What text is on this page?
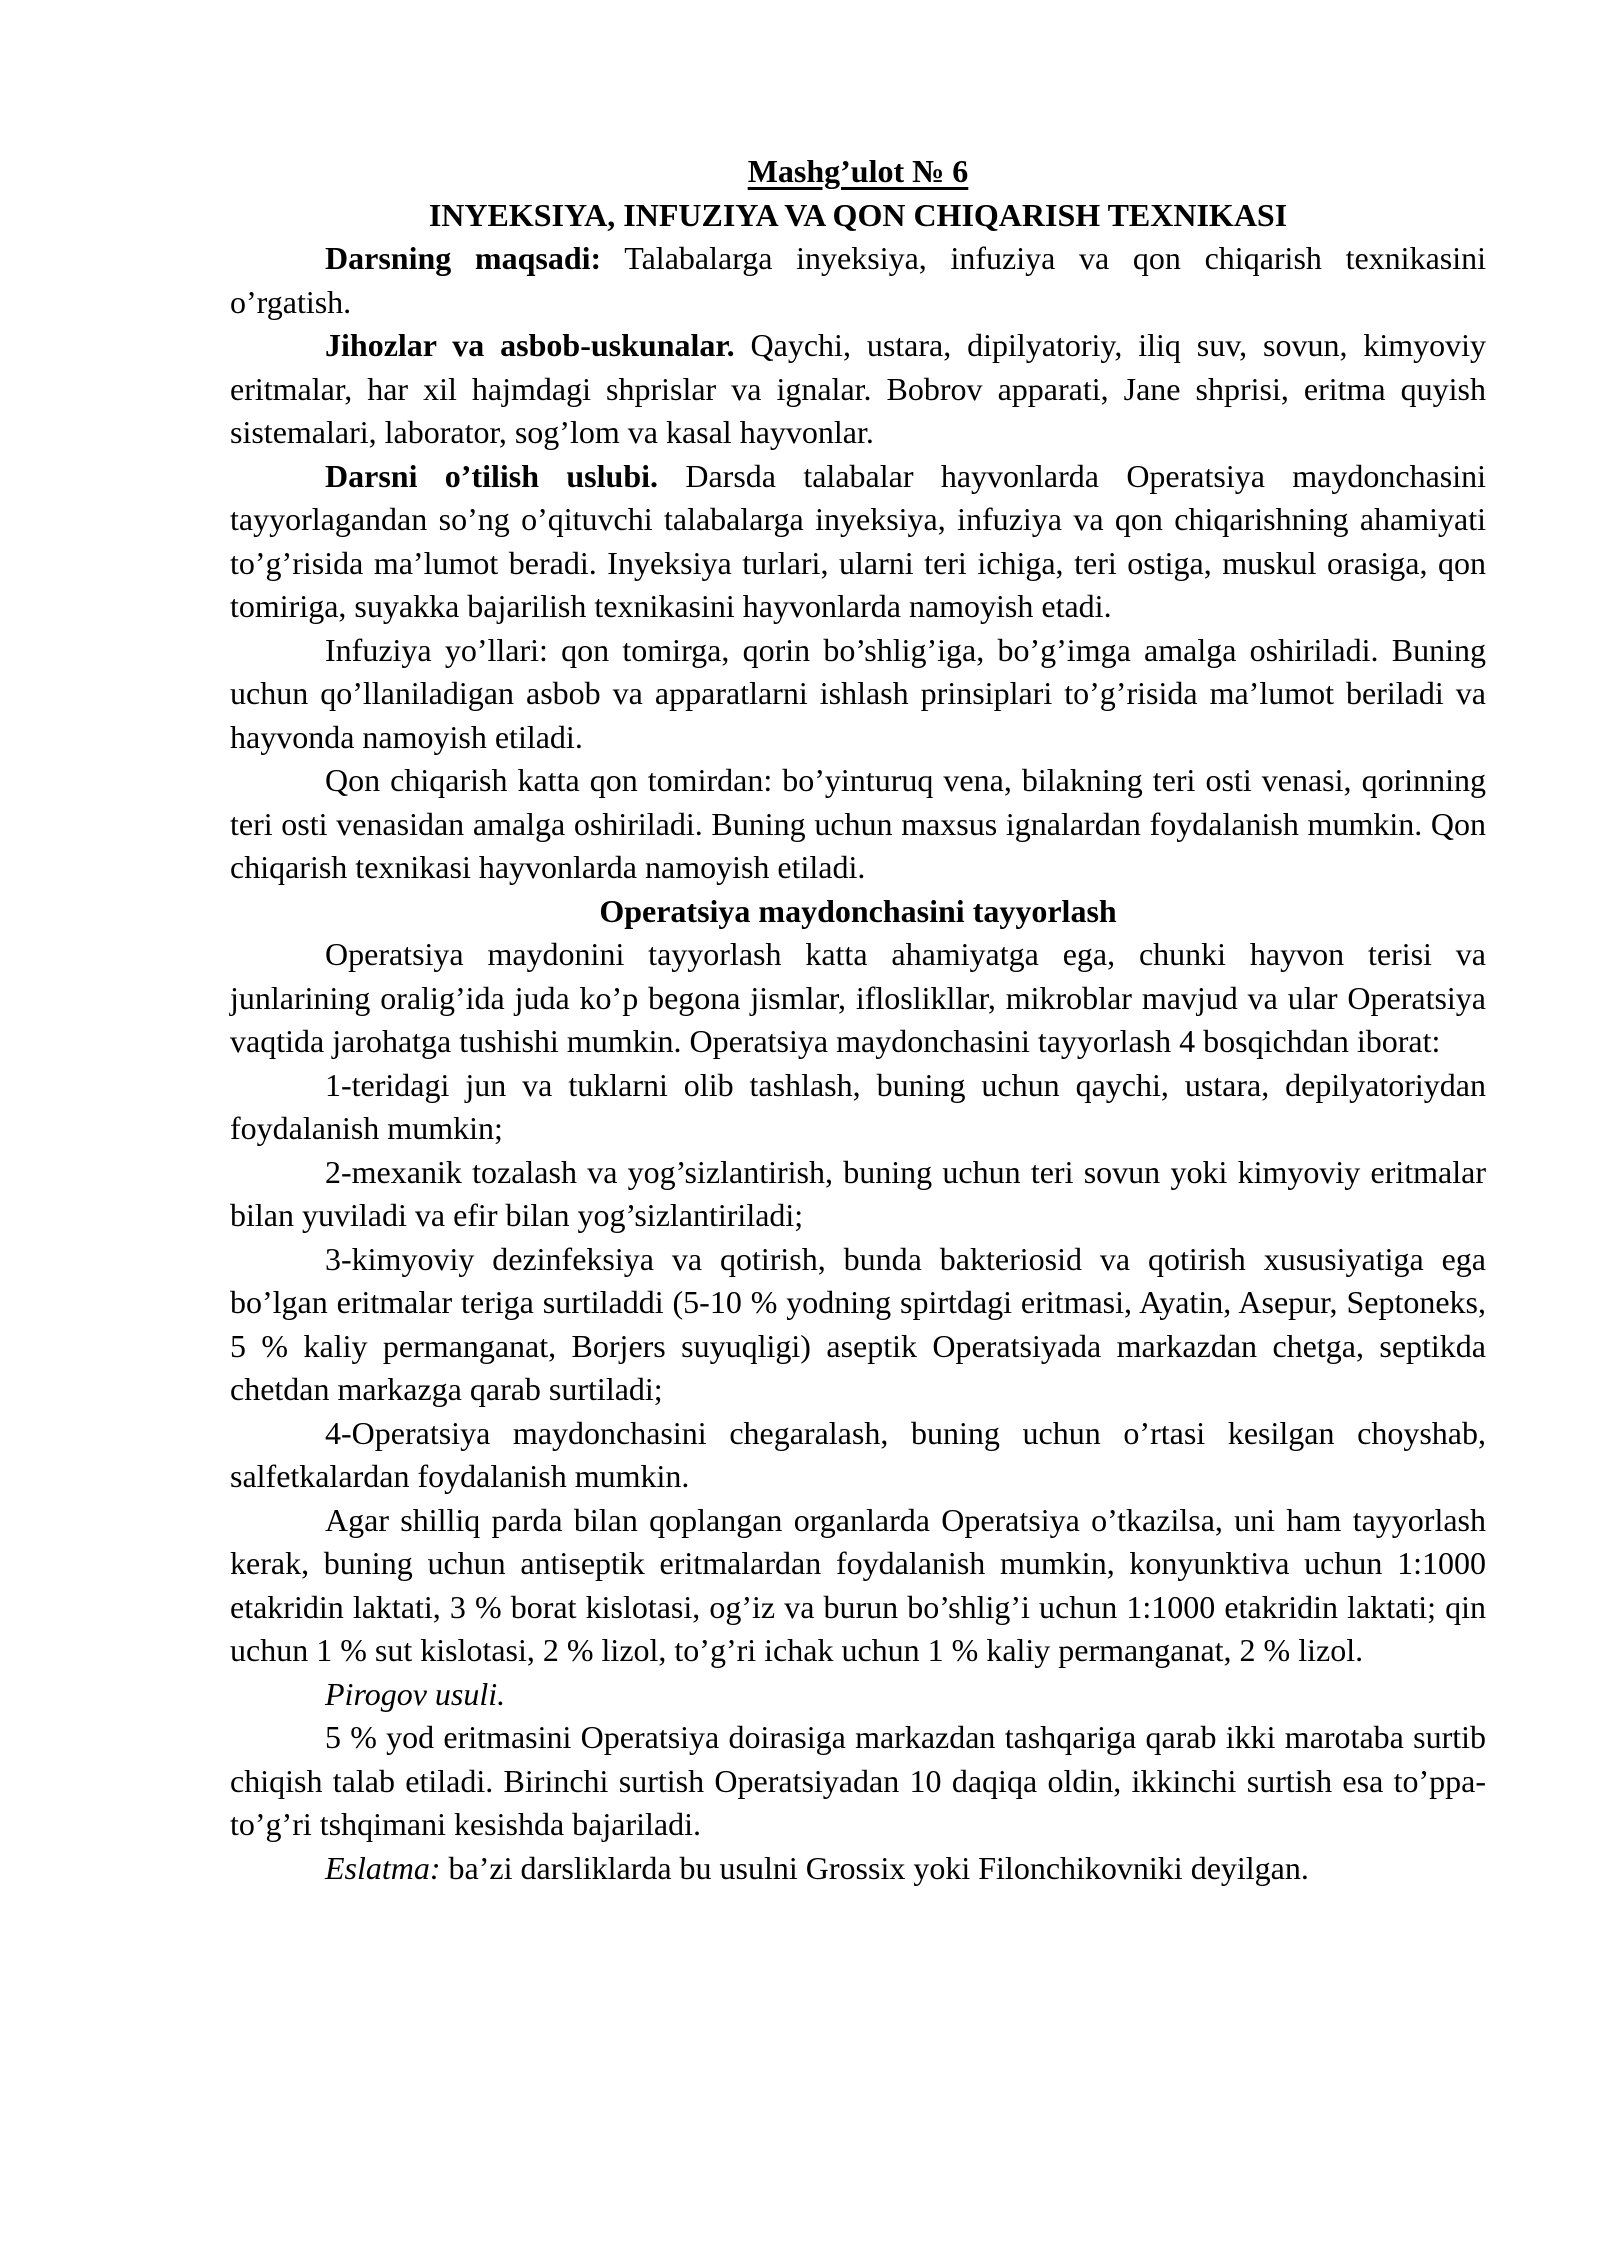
Mashg’ulot № 6
INYEKSIYA, INFUZIYA VA QON CHIQARISH TEXNIKASI

Darsning maqsadi: Talabalarga inyeksiya, infuziya va qon chiqarish texnikasini o’rgatish.

Jihozlar va asbob-uskunalar. Qaychi, ustara, dipilyatoriy, iliq suv, sovun, kimyoviy eritmalar, har xil hajmdagi shprislar va ignalar. Bobrov apparati, Jane shprisi, eritma quyish sistemalari, laborator, sog’lom va kasal hayvonlar.

Darsni o’tilish uslubi. Darsda talabalar hayvonlarda Operatsiya maydonchasini tayyorlagandan so’ng o’qituvchi talabalarga inyeksiya, infuziya va qon chiqarishning ahamiyati to’g’risida ma’lumot beradi. Inyeksiya turlari, ularni teri ichiga, teri ostiga, muskul orasiga, qon tomiriga, suyakka bajarilish texnikasini hayvonlarda namoyish etadi.

Infuziya yo’llari: qon tomirga, qorin bo’shlig’iga, bo’g’imga amalga oshiriladi. Buning uchun qo’llaniladigan asbob va apparatlarni ishlash prinsiplari to’g’risida ma’lumot beriladi va hayvonda namoyish etiladi.

Qon chiqarish katta qon tomirdan: bo’yinturuq vena, bilakning teri osti venasi, qorinning teri osti venasidan amalga oshiriladi. Buning uchun maxsus ignalardan foydalanish mumkin. Qon chiqarish texnikasi hayvonlarda namoyish etiladi.

Operatsiya maydonchasini tayyorlash

Operatsiya maydonini tayyorlash katta ahamiyatga ega, chunki hayvon terisi va junlarining oralig’ida juda ko’p begona jismlar, ifloslikllar, mikroblar mavjud va ular Operatsiya vaqtida jarohatga tushishi mumkin. Operatsiya maydonchasini tayyorlash 4 bosqichdan iborat:

1-teridagi jun va tuklarni olib tashlash, buning uchun qaychi, ustara, depilyatoriydan foydalanish mumkin;

2-mexanik tozalash va yog’sizlantirish, buning uchun teri sovun yoki kimyoviy eritmalar bilan yuviladi va efir bilan yog’sizlantiriladi;

3-kimyoviy dezinfeksiya va qotirish, bunda bakteriosid va qotirish xususiyatiga ega bo’lgan eritmalar teriga surtiladdi (5-10 % yodning spirtdagi eritmasi, Ayatin, Asepur, Septoneks, 5 % kaliy permanganat, Borjers suyuqligi) aseptik Operatsiyada markazdan chetga, septikda chetdan markazga qarab surtiladi;

4-Operatsiya maydonchasini chegaralash, buning uchun o’rtasi kesilgan choyshab, salfetkalardan foydalanish mumkin.

Agar shilliq parda bilan qoplangan organlarda Operatsiya o’tkazilsa, uni ham tayyorlash kerak, buning uchun antiseptik eritmalardan foydalanish mumkin, konyunktiva uchun 1:1000 etakridin laktati, 3 % borat kislotasi, og’iz va burun bo’shlig’i uchun 1:1000 etakridin laktati; qin uchun 1 % sut kislotasi, 2 % lizol, to’g’ri ichak uchun 1 % kaliy permanganat, 2 % lizol.

Pirogov usuli.

5 % yod eritmasini Operatsiya doirasiga markazdan tashqariga qarab ikki marotaba surtib chiqish talab etiladi. Birinchi surtish Operatsiyadan 10 daqiqa oldin, ikkinchi surtish esa to’ppa-to’g’ri tshqimani kesishda bajariladi.

Eslatma: ba’zi darsliklarda bu usulni Grossix yoki Filonchikovniki deyilgan.
